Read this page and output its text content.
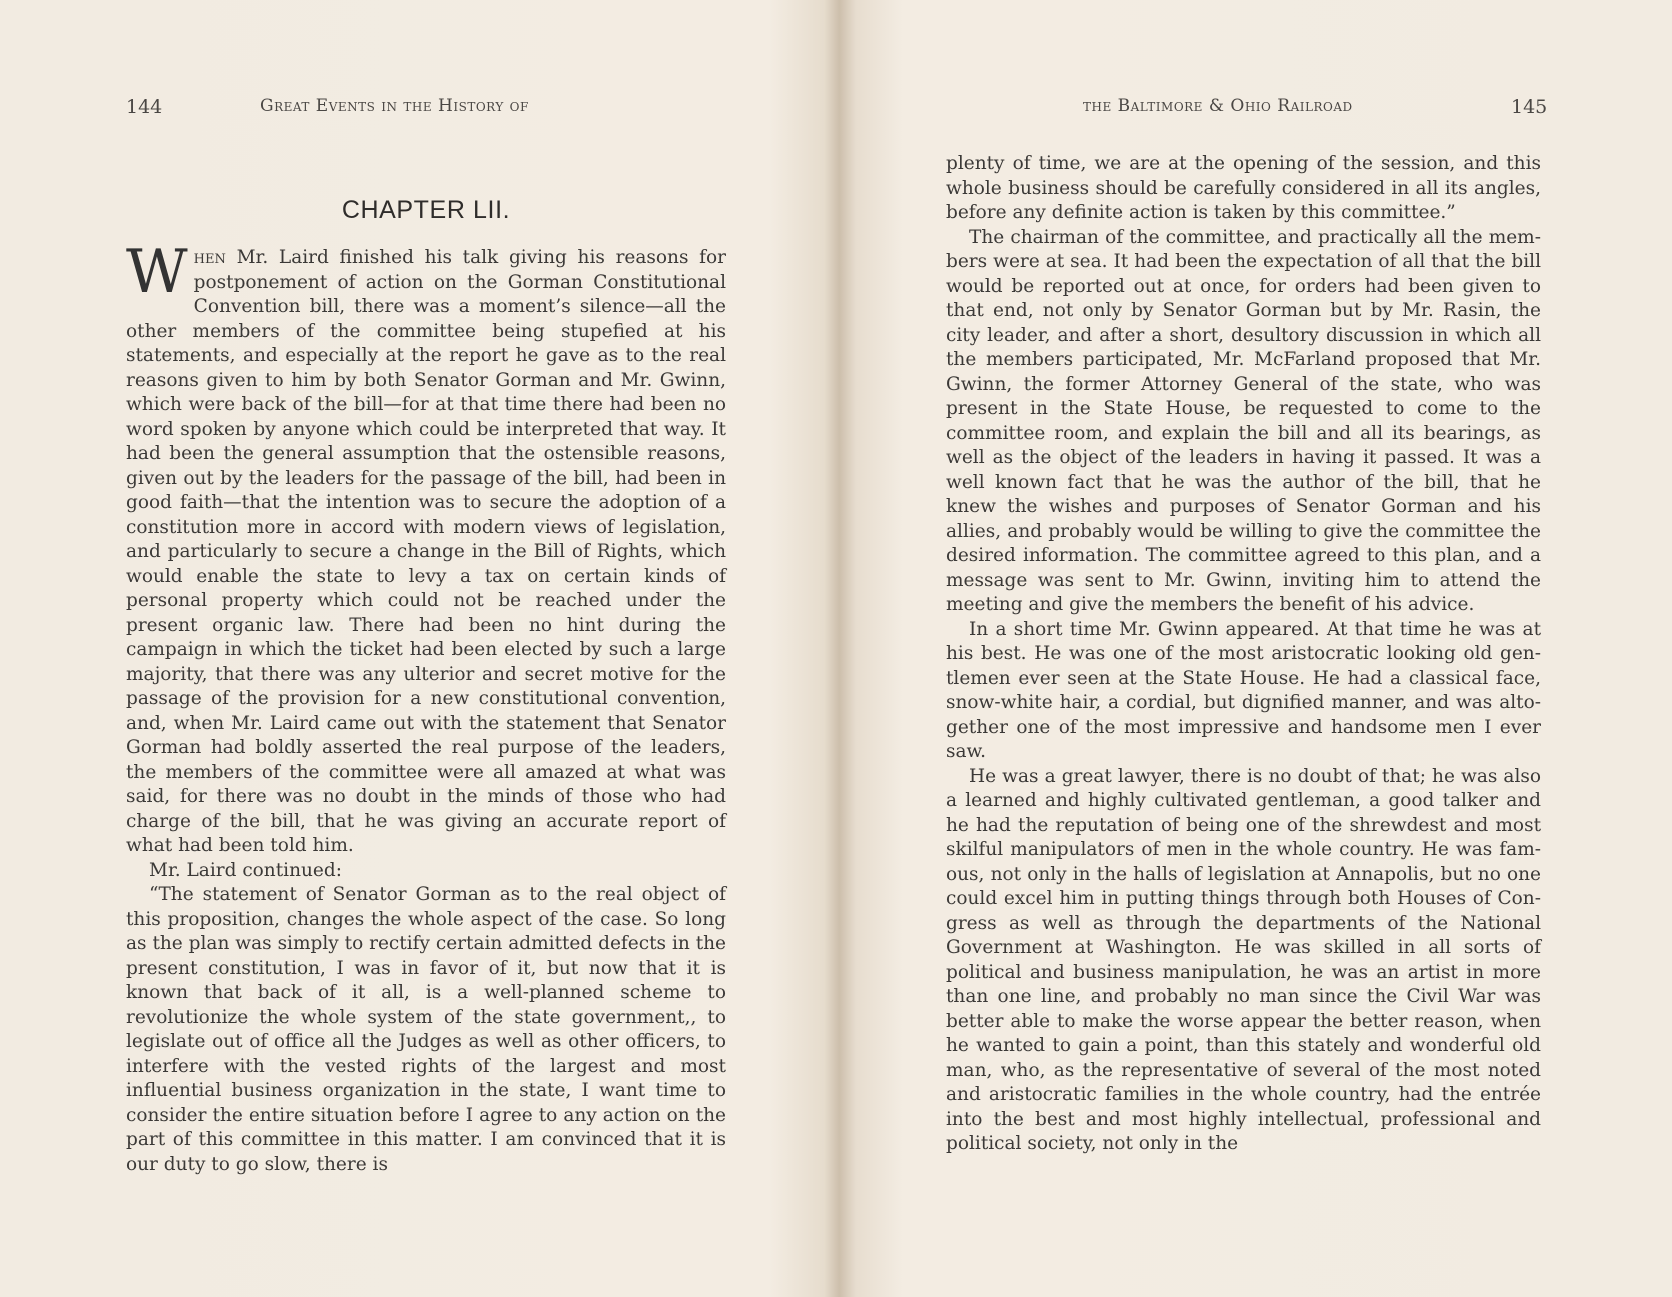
144	Great Events in the History of
CHAPTER LII.

When Mr. Laird finished his talk giving his reasons for postponement of action on the Gorman Constitutional Convention bill, there was a moment’s silence—all the other members of the committee being stupefied at his statements, and especially at the report he gave as to the real reasons given to him by both Senator Gorman and Mr. Gwinn, which were back of the bill—for at that time there had been no word spoken by anyone which could be interpreted that way. It had been the general assumption that the ostensible reasons, given out by the leaders for the passage of the bill, had been in good faith—that the intention was to secure the adoption of a constitution more in accord with modern views of legislation, and particularly to secure a change in the Bill of Rights, which would enable the state to levy a tax on certain kinds of personal property which could not be reached under the present organic law. There had been no hint during the campaign in which the ticket had been elected by such a large majority, that there was any ulterior and secret motive for the passage of the provision for a new constitutional convention, and, when Mr. Laird came out with the statement that Senator Gorman had boldly asserted the real purpose of the leaders, the members of the committee were all amazed at what was said, for there was no doubt in the minds of those who had charge of the bill, that he was giving an accurate report of what had been told him.

Mr. Laird continued:

“The statement of Senator Gorman as to the real object of this proposition, changes the whole aspect of the case. So long as the plan was simply to rectify certain admitted defects in the present constitution, I was in favor of it, but now that it is known that back of it all, is a well-planned scheme to revolutionize the whole system of the state government,, to legislate out of office all the Judges as well as other officers, to interfere with the vested rights of the largest and most influential business organization in the state, I want time to consider the entire situation before I agree to any action on the part of this committee in this matter. I am convinced that it is our duty to go slow, there is

the Baltimore & Ohio Railroad	145

plenty of time, we are at the opening of the session, and this whole business should be carefully considered in all its angles, before any definite action is taken by this committee.”

The chairman of the committee, and practically all the members were at sea. It had been the expectation of all that the bill would be reported out at once, for orders had been given to that end, not only by Senator Gorman but by Mr. Rasin, the city leader, and after a short, desultory discussion in which all the members participated, Mr. McFarland proposed that Mr. Gwinn, the former Attorney General of the state, who was present in the State House, be requested to come to the committee room, and explain the bill and all its bearings, as well as the object of the leaders in having it passed. It was a well known fact that he was the author of the bill, that he knew the wishes and purposes of Senator Gorman and his allies, and probably would be willing to give the committee the desired information. The committee agreed to this plan, and a message was sent to Mr. Gwinn, inviting him to attend the meeting and give the members the benefit of his advice.

In a short time Mr. Gwinn appeared. At that time he was at his best. He was one of the most aristocratic looking old gentlemen ever seen at the State House. He had a classical face, snow-white hair, a cordial, but dignified manner, and was altogether one of the most impressive and handsome men I ever saw.

He was a great lawyer, there is no doubt of that; he was also a learned and highly cultivated gentleman, a good talker and he had the reputation of being one of the shrewdest and most skilful manipulators of men in the whole country. He was famous, not only in the halls of legislation at Annapolis, but no one could excel him in putting things through both Houses of Congress as well as through the departments of the National Government at Washington. He was skilled in all sorts of political and business manipulation, he was an artist in more than one line, and probably no man since the Civil War was better able to make the worse appear the better reason, when he wanted to gain a point, than this stately and wonderful old man, who, as the representative of several of the most noted and aristocratic families in the whole country, had the entrée into the best and most highly intellectual, professional and political society, not only in the
